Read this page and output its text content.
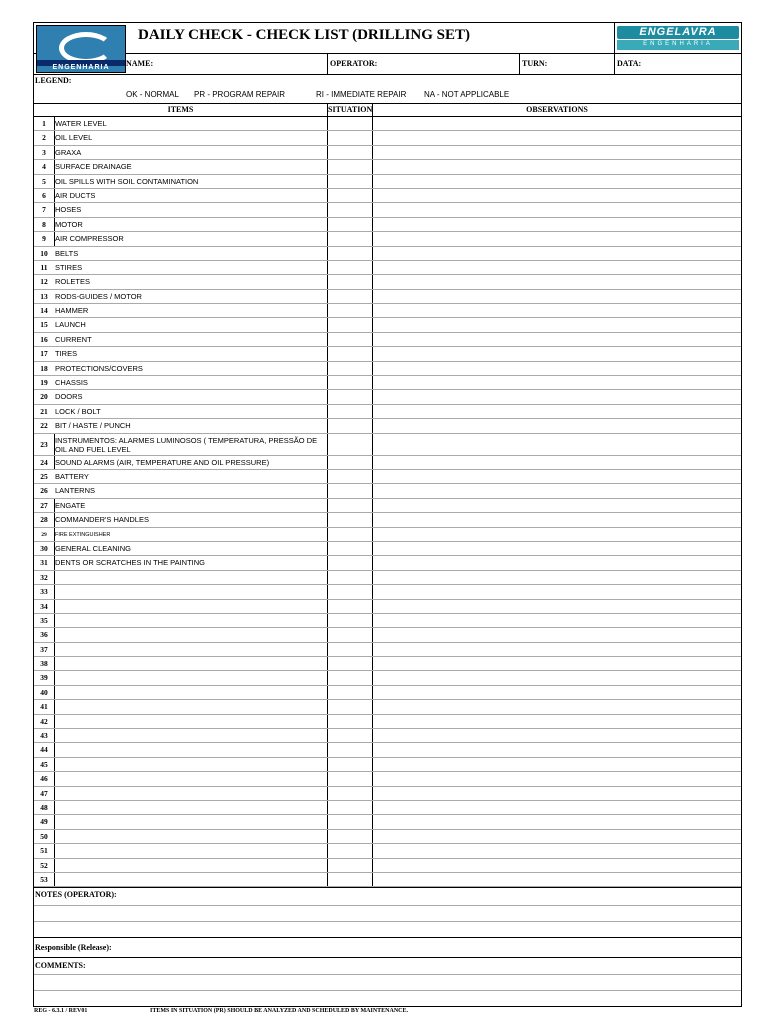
ENGENHARIA
DAILY CHECK - CHECK LIST (DRILLING SET)	ENGELAVRA
ENGENHARIA
NAME:	OPERATOR:	TURN:	DATA:
LEGEND:
OK - NORMAL PR - PROGRAM REPAIR	RI - IMMEDIATE REPAIR NA - NOT APPLICABLE
ITEMS	SITUATION	OBSERVATIONS
1	WATER LEVEL
2	OIL LEVEL
3	GRAXA
4	SURFACE DRAINAGE
5	OIL SPILLS WITH SOIL CONTAMINATION
6	AIR DUCTS
7	HOSES
8	MOTOR
9	AIR COMPRESSOR
10 BELTS
11 STIRES
12 ROLETES
13 RODS-GUIDES / MOTOR
14 HAMMER
15 LAUNCH
16 CURRENT
17 TIRES
18 PROTECTIONS/COVERS
19 CHASSIS
20 DOORS
21 LOCK / BOLT
22 BIT / HASTE / PUNCH
23 INSTRUMENTOS: ALARMES LUMINOSOS ( TEMPERATURA, PRESSÃO DE OIL AND FUEL LEVEL
24 SOUND ALARMS (AIR, TEMPERATURE AND OIL PRESSURE)
25 BATTERY
26 LANTERNS
27 ENGATE
28 COMMANDER'S HANDLES
29	FIRE EXTINGUISHER
30 GENERAL CLEANING
31 DENTS OR SCRATCHES IN THE PAINTING
32
33
34
35
36
37
38
39
40
41
42
43
44
45
46
47
48
49
50
51
52
53
NOTES (OPERATOR):
Responsible (Release):
COMMENTS:
REG - 6.3.1 / REV01	ITEMS IN SITUATION (PR) SHOULD BE ANALYZED AND SCHEDULED BY MAINTENANCE.
